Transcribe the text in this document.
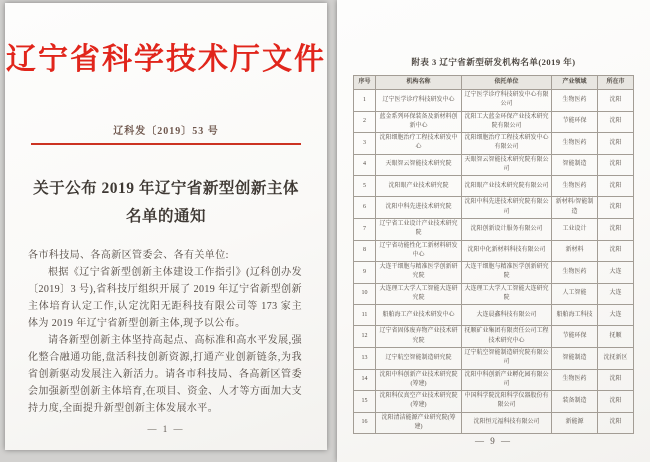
辽宁省科学技术厅文件
辽科发〔2019〕53 号
关于公布 2019 年辽宁省新型创新主体
名单的通知

各市科技局、各高新区管委会、各有关单位:

根据《辽宁省新型创新主体建设工作指引》(辽科创办发〔2019〕3 号),省科技厅组织开展了 2019 年辽宁省新型创新主体培育认定工作,认定沈阳无距科技有限公司等 173 家主体为 2019 年辽宁省新型创新主体,现予以公布。

请各新型创新主体坚持高起点、高标准和高水平发展,强化整合融通功能,盘活科技创新资源,打通产业创新链条,为我省创新驱动发展注入新活力。请各市科技局、各高新区管委会加强新型创新主体培育,在项目、资金、人才等方面加大支持力度,全面提升新型创新主体发展水平。

— 1 —
附表 3 辽宁省新型研发机构名单(2019 年)
序号	机构名称	依托单位	产业领域	所在市
1	辽宁医学诊疗科技研发中心	辽宁医学诊疗科技研发中心有限公司	生物医药	沈阳
2	蓝金系列环保装备及新材料创新中心	沈阳工大蓝金环保产业技术研究院有限公司	节能环保	沈阳
3	沈阳细胞治疗工程技术研发中心	沈阳细胞治疗工程技术研发中心有限公司	生物医药	沈阳
4	天眼智云智能技术研究院	天眼智云智能技术研究院有限公司	智能制造	沈阳
5	沈阳眼产业技术研究院	沈阳眼产业技术研究院有限公司	生物医药	沈阳
6	沈阳中科先进技术研究院	沈阳中科先进技术研究院有限公司	新材料/智能制造	沈阳
7	辽宁省工业设计产业技术研究院	沈阳创新设计服务有限公司	工业设计	沈阳
8	辽宁省功能性化工新材料研发中心	沈阳中化新材料科技有限公司	新材料	沈阳
9	大连干细胞与精准医学创新研究院	大连干细胞与精准医学创新研究院	生物医药	大连
10	大连理工大学人工智能大连研究院	大连理工大学人工智能大连研究院	人工智能	大连
11	船舶海工产业技术研发中心	大连晨鑫科技有限公司	船舶海工科技	大连
12	辽宁省固体废弃物产业技术研究院	抚顺矿业集团有限责任公司工程技术研究中心	节能环保	抚顺
13	辽宁航空智能制造研究院	辽宁航空智能制造研究院有限公司	智能制造	沈抚新区
14	沈阳中科创新产业技术研究院(筹建)	沈阳中科创新产业孵化园有限公司	生物医药	沈阳
15	沈阳科仪真空产业技术研究院(筹建)	中国科学院沈阳科学仪器股份有限公司	装备制造	沈阳
16	沈阳清洁能源产业研究院(筹建)	沈阳恒元福科技有限公司	新能源	沈阳
— 9 —
